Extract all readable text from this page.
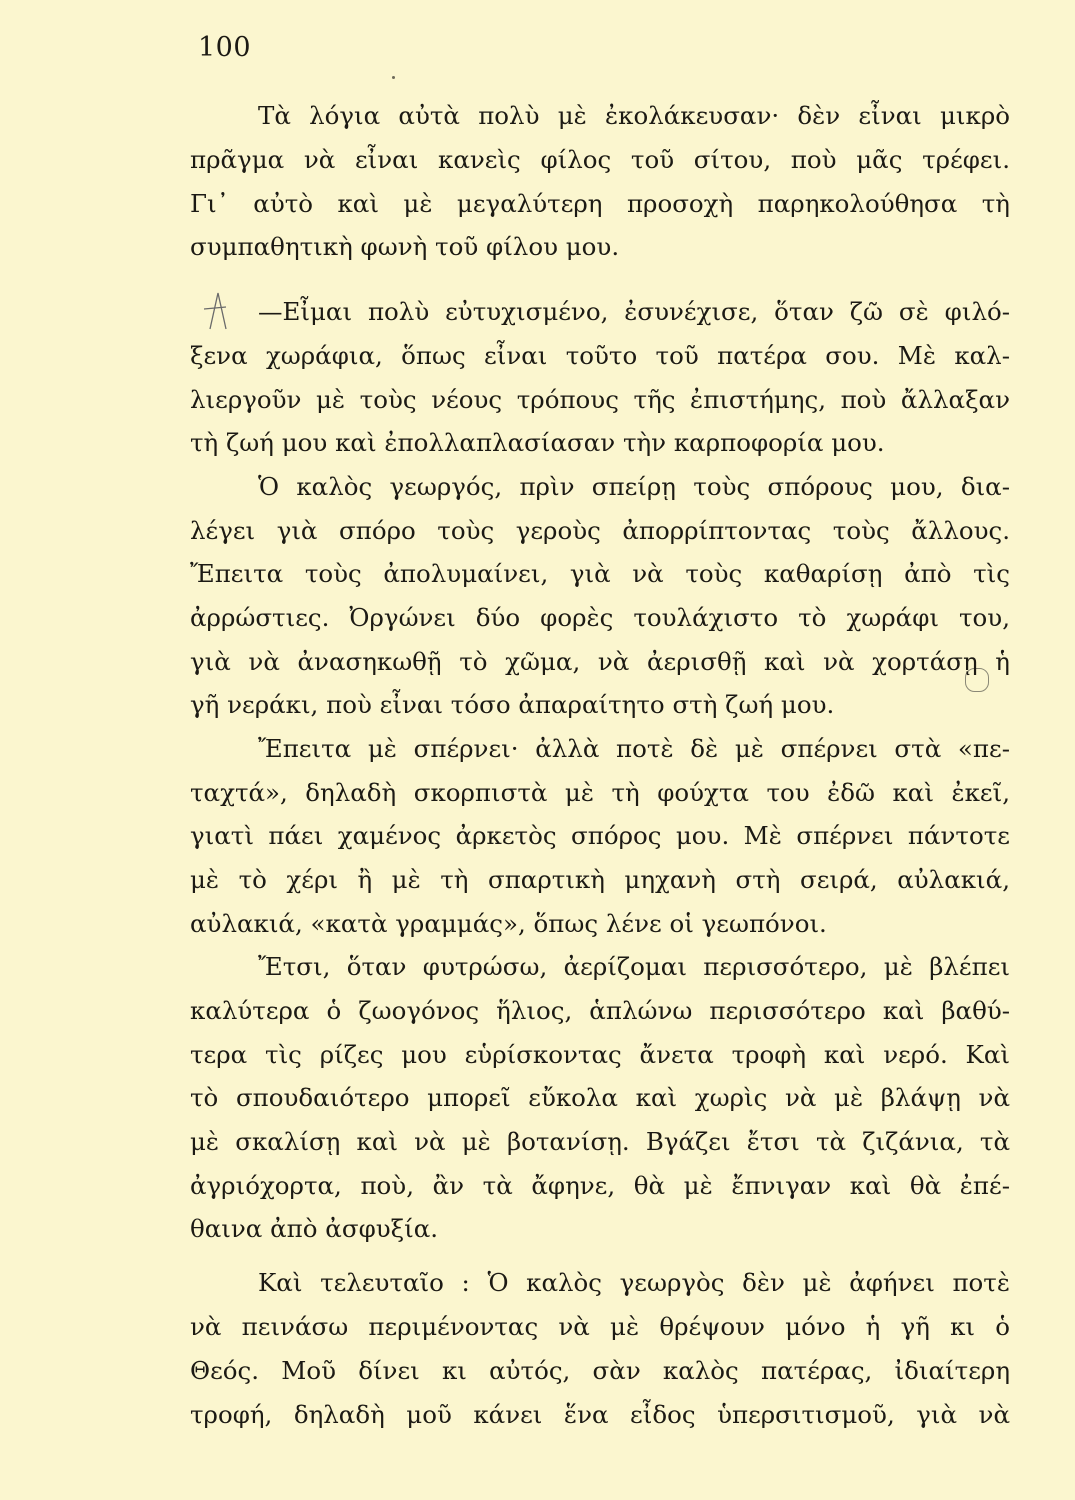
100
Τὰ λόγια αὐτὰ πολὺ μὲ ἐκολάκευσαν· δὲν εἶναι μικρὸ
πρᾶγμα νὰ εἶναι κανεὶς φίλος τοῦ σίτου, ποὺ μᾶς τρέφει.
Γι᾽ αὐτὸ καὶ μὲ μεγαλύτερη προσοχὴ παρηκολούθησα τὴ
συμπαθητικὴ φωνὴ τοῦ φίλου μου.
—Εἶμαι πολὺ εὐτυχισμένο, ἐσυνέχισε, ὅταν ζῶ σὲ φιλό-
ξενα χωράφια, ὅπως εἶναι τοῦτο τοῦ πατέρα σου. Μὲ καλ-
λιεργοῦν μὲ τοὺς νέους τρόπους τῆς ἐπιστήμης, ποὺ ἄλλαξαν
τὴ ζωή μου καὶ ἐπολλαπλασίασαν τὴν καρποφορία μου.
Ὁ καλὸς γεωργός, πρὶν σπείρῃ τοὺς σπόρους μου, δια-
λέγει γιὰ σπόρο τοὺς γεροὺς ἀπορρίπτοντας τοὺς ἄλλους.
Ἔπειτα τοὺς ἀπολυμαίνει, γιὰ νὰ τοὺς καθαρίσῃ ἀπὸ τὶς
ἀρρώστιες. Ὀργώνει δύο φορὲς τουλάχιστο τὸ χωράφι του,
γιὰ νὰ ἀνασηκωθῇ τὸ χῶμα, νὰ ἀερισθῇ καὶ νὰ χορτάσῃ ἡ
γῆ νεράκι, ποὺ εἶναι τόσο ἀπαραίτητο στὴ ζωή μου.
Ἔπειτα μὲ σπέρνει· ἀλλὰ ποτὲ δὲ μὲ σπέρνει στὰ «πε-
ταχτά», δηλαδὴ σκορπιστὰ μὲ τὴ φούχτα του ἐδῶ καὶ ἐκεῖ,
γιατὶ πάει χαμένος ἀρκετὸς σπόρος μου. Μὲ σπέρνει πάντοτε
μὲ τὸ χέρι ἢ μὲ τὴ σπαρτικὴ μηχανὴ στὴ σειρά, αὐλακιά,
αὐλακιά, «κατὰ γραμμάς», ὅπως λένε οἱ γεωπόνοι.
Ἔτσι, ὅταν φυτρώσω, ἀερίζομαι περισσότερο, μὲ βλέπει
καλύτερα ὁ ζωογόνος ἥλιος, ἁπλώνω περισσότερο καὶ βαθύ-
τερα τὶς ρίζες μου εὑρίσκοντας ἄνετα τροφὴ καὶ νερό. Καὶ
τὸ σπουδαιότερο μπορεῖ εὔκολα καὶ χωρὶς νὰ μὲ βλάψῃ νὰ
μὲ σκαλίσῃ καὶ νὰ μὲ βοτανίσῃ. Βγάζει ἔτσι τὰ ζιζάνια, τὰ
ἀγριόχορτα, ποὺ, ἂν τὰ ἄφηνε, θὰ μὲ ἔπνιγαν καὶ θὰ ἐπέ-
θαινα ἀπὸ ἀσφυξία.
Καὶ τελευταῖο : Ὁ καλὸς γεωργὸς δὲν μὲ ἀφήνει ποτὲ
νὰ πεινάσω περιμένοντας νὰ μὲ θρέψουν μόνο ἡ γῆ κι ὁ
Θεός. Μοῦ δίνει κι αὐτός, σὰν καλὸς πατέρας, ἰδιαίτερη
τροφή, δηλαδὴ μοῦ κάνει ἕνα εἶδος ὑπερσιτισμοῦ, γιὰ νὰ
